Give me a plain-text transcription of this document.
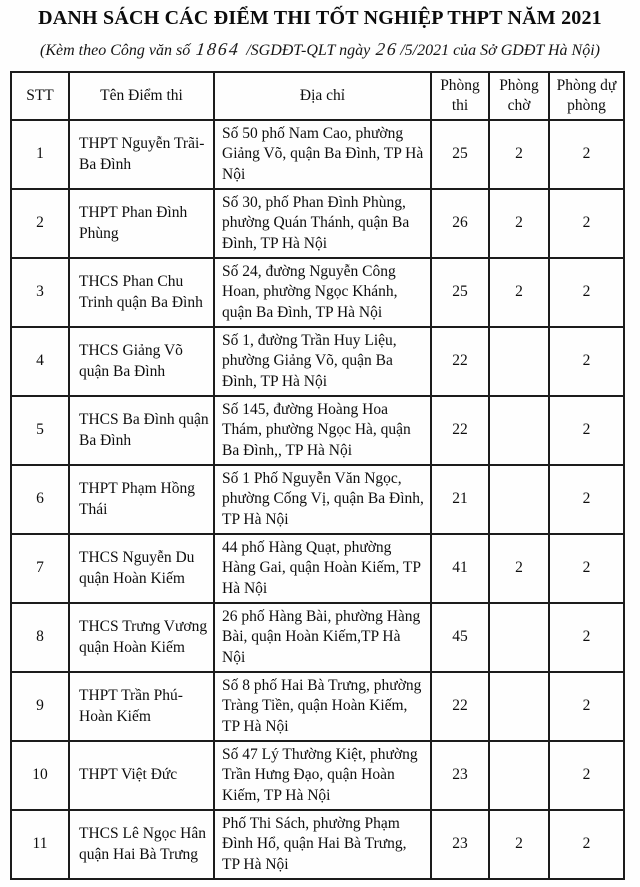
DANH SÁCH CÁC ĐIỂM THI TỐT NGHIỆP THPT NĂM 2021

(Kèm theo Công văn số 1864 /SGDĐT-QLT ngày 26/5/2021 của Sở GDĐT Hà Nội)

STT	Tên Điểm thi	Địa chỉ	Phòng thi	Phòng chờ	Phòng dự phòng
1	THPT Nguyễn Trãi-Ba Đình	Số 50 phố Nam Cao, phường Giảng Võ, quận Ba Đình, TP Hà Nội	25	2	2
2	THPT Phan Đình Phùng	Số 30, phố Phan Đình Phùng, phường Quán Thánh, quận Ba Đình, TP Hà Nội	26	2	2
3	THCS Phan Chu Trinh quận Ba Đình	Số 24, đường Nguyễn Công Hoan, phường Ngọc Khánh, quận Ba Đình, TP Hà Nội	25	2	2
4	THCS Giảng Võ quận Ba Đình	Số 1, đường Trần Huy Liệu, phường Giảng Võ, quận Ba Đình, TP Hà Nội	22		2
5	THCS Ba Đình quận Ba Đình	Số 145, đường Hoàng Hoa Thám, phường Ngọc Hà, quận Ba Đình,, TP Hà Nội	22		2
6	THPT Phạm Hồng Thái	Số 1 Phố Nguyễn Văn Ngọc, phường Cống Vị, quận Ba Đình, TP Hà Nội	21		2
7	THCS Nguyễn Du quận Hoàn Kiếm	44 phố Hàng Quạt, phường Hàng Gai, quận Hoàn Kiếm, TP Hà Nội	41	2	2
8	THCS Trưng Vương quận Hoàn Kiếm	26 phố Hàng Bài, phường Hàng Bài, quận Hoàn Kiếm,TP Hà Nội	45		2
9	THPT Trần Phú-Hoàn Kiếm	Số 8 phố Hai Bà Trưng, phường Tràng Tiền, quận Hoàn Kiếm, TP Hà Nội	22		2
10	THPT Việt Đức	Số 47 Lý Thường Kiệt, phường Trần Hưng Đạo, quận Hoàn Kiếm, TP Hà Nội	23		2
11	THCS Lê Ngọc Hân quận Hai Bà Trưng	Phố Thi Sách, phường Phạm Đình Hổ, quận Hai Bà Trưng, TP Hà Nội	23	2	2
